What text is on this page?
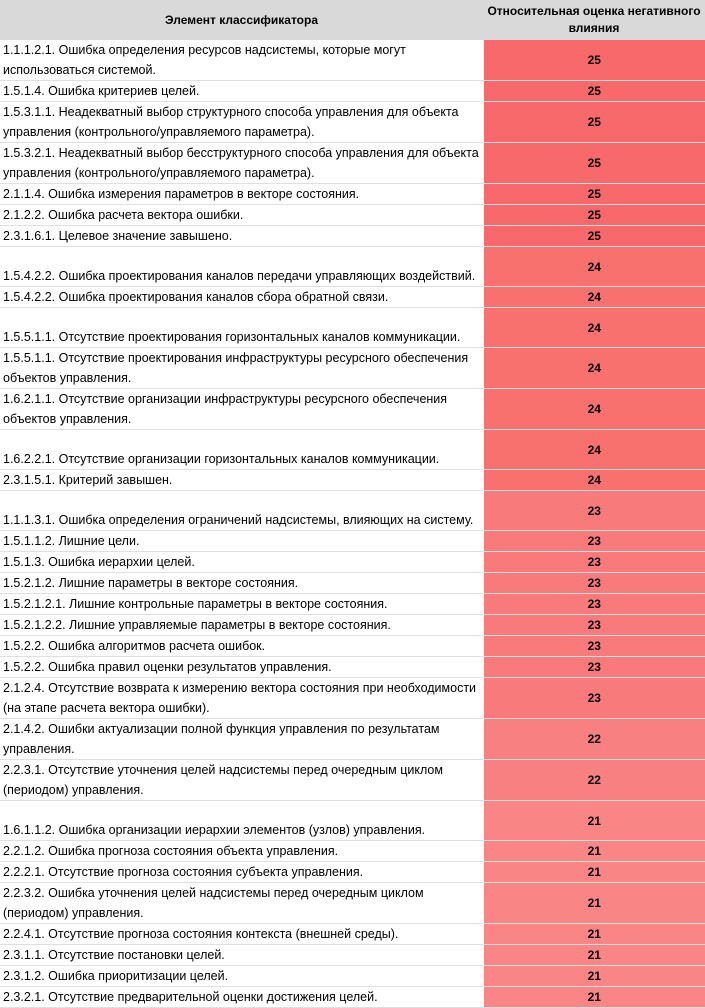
Элемент классификатора	Относительная оценка негативного влияния
1.1.1.2.1. Ошибка определения ресурсов надсистемы, которые могут использоваться системой.	25
1.5.1.4. Ошибка критериев целей.	25
1.5.3.1.1. Неадекватный выбор структурного способа управления для объекта управления (контрольного/управляемого параметра).	25
1.5.3.2.1. Неадекватный выбор бесструктурного способа управления для объекта управления (контрольного/управляемого параметра).	25
2.1.1.4. Ошибка измерения параметров в векторе состояния.	25
2.1.2.2. Ошибка расчета вектора ошибки.	25
2.3.1.6.1. Целевое значение завышено.	25
1.5.4.2.2. Ошибка проектирования каналов передачи управляющих воздействий.	24
1.5.4.2.2. Ошибка проектирования каналов сбора обратной связи.	24
1.5.5.1.1. Отсутствие проектирования горизонтальных каналов коммуникации.	24
1.5.5.1.1. Отсутствие проектирования инфраструктуры ресурсного обеспечения объектов управления.	24
1.6.2.1.1. Отсутствие организации инфраструктуры ресурсного обеспечения объектов управления.	24
1.6.2.2.1. Отсутствие организации горизонтальных каналов коммуникации.	24
2.3.1.5.1. Критерий завышен.	24
1.1.1.3.1. Ошибка определения ограничений надсистемы, влияющих на систему.	23
1.5.1.1.2. Лишние цели.	23
1.5.1.3. Ошибка иерархии целей.	23
1.5.2.1.2. Лишние параметры в векторе состояния.	23
1.5.2.1.2.1. Лишние контрольные параметры в векторе состояния.	23
1.5.2.1.2.2. Лишние управляемые параметры в векторе состояния.	23
1.5.2.2. Ошибка алгоритмов расчета ошибок.	23
1.5.2.2. Ошибка правил оценки результатов управления.	23
2.1.2.4. Отсутствие возврата к измерению вектора состояния при необходимости (на этапе расчета вектора ошибки).	23
2.1.4.2. Ошибки актуализации полной функция управления по результатам управления.	22
2.2.3.1. Отсутствие уточнения целей надсистемы перед очередным циклом (периодом) управления.	22
1.6.1.1.2. Ошибка организации иерархии элементов (узлов) управления.	21
2.2.1.2. Ошибка прогноза состояния объекта управления.	21
2.2.2.1. Отсутствие прогноза состояния субъекта управления.	21
2.2.3.2. Ошибка уточнения целей надсистемы перед очередным циклом (периодом) управления.	21
2.2.4.1. Отсутствие прогноза состояния контекста (внешней среды).	21
2.3.1.1. Отсутствие постановки целей.	21
2.3.1.2. Ошибка приоритизации целей.	21
2.3.2.1. Отсутствие предварительной оценки достижения целей.	21
